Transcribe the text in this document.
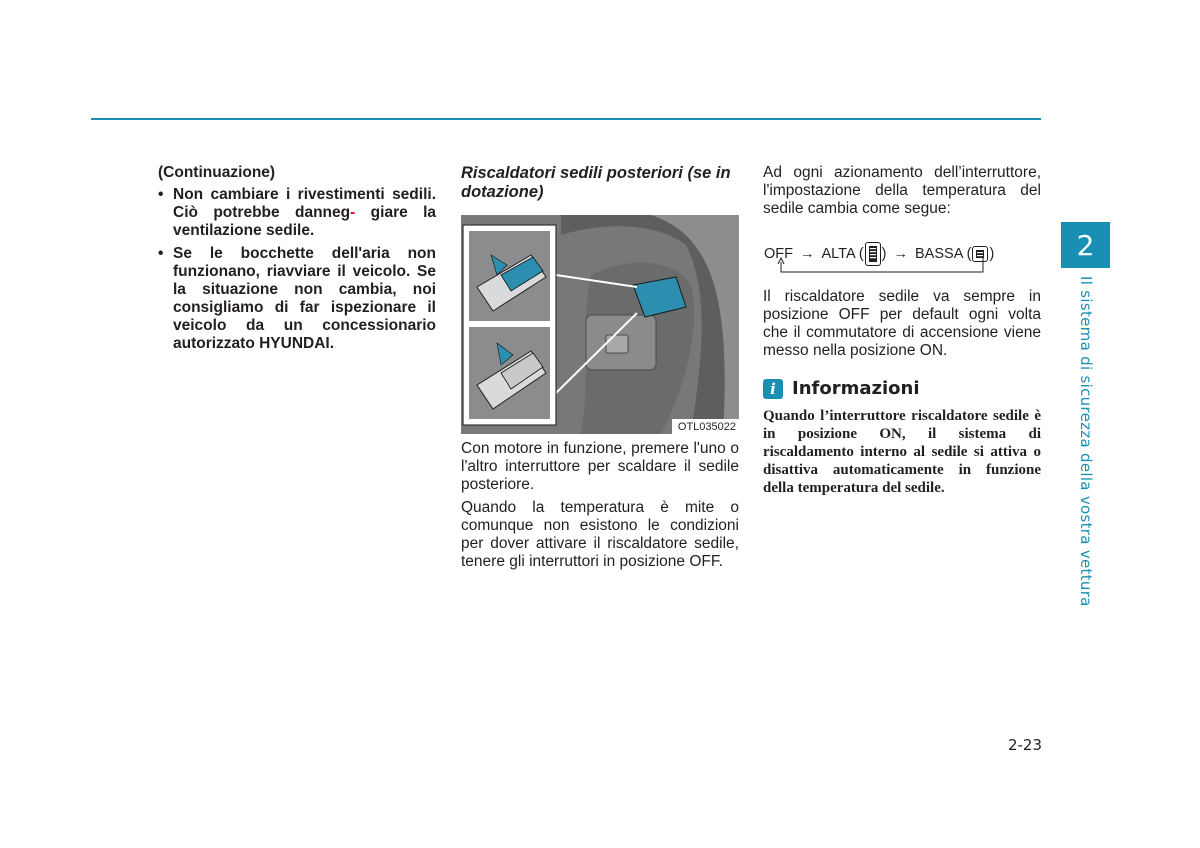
(Continuazione)

• Non cambiare i rivestimenti sedili. Ciò potrebbe danneg- giare la ventilazione sedile.
• Se le bocchette dell'aria non funzionano, riavviare il veicolo. Se la situazione non cambia, noi consigliamo di far ispezionare il veicolo da un concessionario autorizzato HYUNDAI.
Riscaldatori sedili posteriori (se in dotazione)
OTL035022

Con motore in funzione, premere l'uno o l'altro interruttore per scaldare il sedile posteriore.

Quando la temperatura è mite o comunque non esistono le condizioni per dover attivare il riscaldatore sedile, tenere gli interruttori in posizione OFF.

Ad ogni azionamento dell’interruttore, l'impostazione della temperatura del sedile cambia come segue:

OFF → ALTA ( ) → BASSA ( )

Il riscaldatore sedile va sempre in posizione OFF per default ogni volta che il commutatore di accensione viene messo nella posizione ON.

i Informazioni
Quando l’interruttore riscaldatore sedile è in posizione ON, il sistema di riscaldamento interno al sedile si attiva o disattiva automaticamente in funzione della temperatura del sedile.
2
Il sistema di sicurezza della vostra vettura
2-23
